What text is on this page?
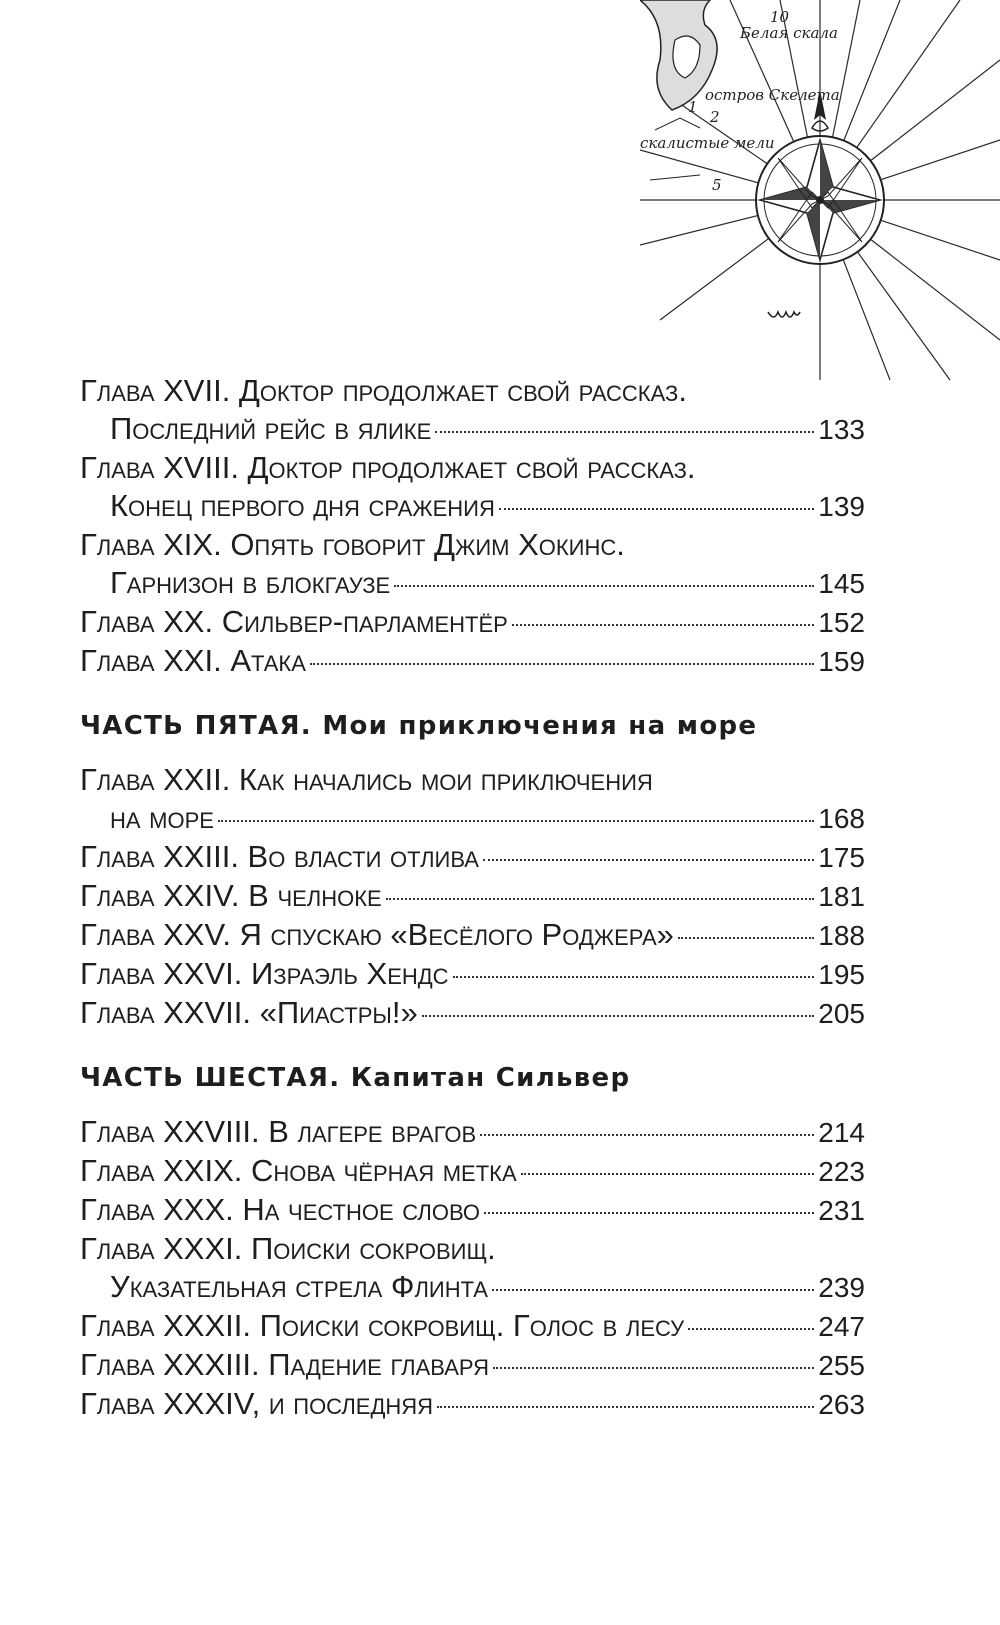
Белая скала
10
остров Скелета
1
2
скалистые мели
5
Глава XVII. Доктор продолжает свой рассказ.
Последний рейс в ялике	133
Глава XVIII. Доктор продолжает свой рассказ.
Конец первого дня сражения	139
Глава XIX. Опять говорит Джим Хокинс.
Гарнизон в блокгаузе	145
Глава XX. Сильвер-парламентёр	152
Глава XXI. Атака	159
ЧАСТЬ ПЯТАЯ. Мои приключения на море
Глава XXII. Как начались мои приключения
на море	168
Глава XXIII. Во власти отлива	175
Глава XXIV. В челноке	181
Глава XXV. Я спускаю «Весёлого Роджера»	188
Глава XXVI. Израэль Хендс	195
Глава XXVII. «Пиастры!»	205
ЧАСТЬ ШЕСТАЯ. Капитан Сильвер
Глава XXVIII. В лагере врагов	214
Глава XXIX. Снова чёрная метка	223
Глава XXX. На честное слово	231
Глава XXXI. Поиски сокровищ.
Указательная стрела Флинта	239
Глава XXXII. Поиски сокровищ. Голос в лесу	247
Глава XXXIII. Падение главаря	255
Глава XXXIV, и последняя	263
